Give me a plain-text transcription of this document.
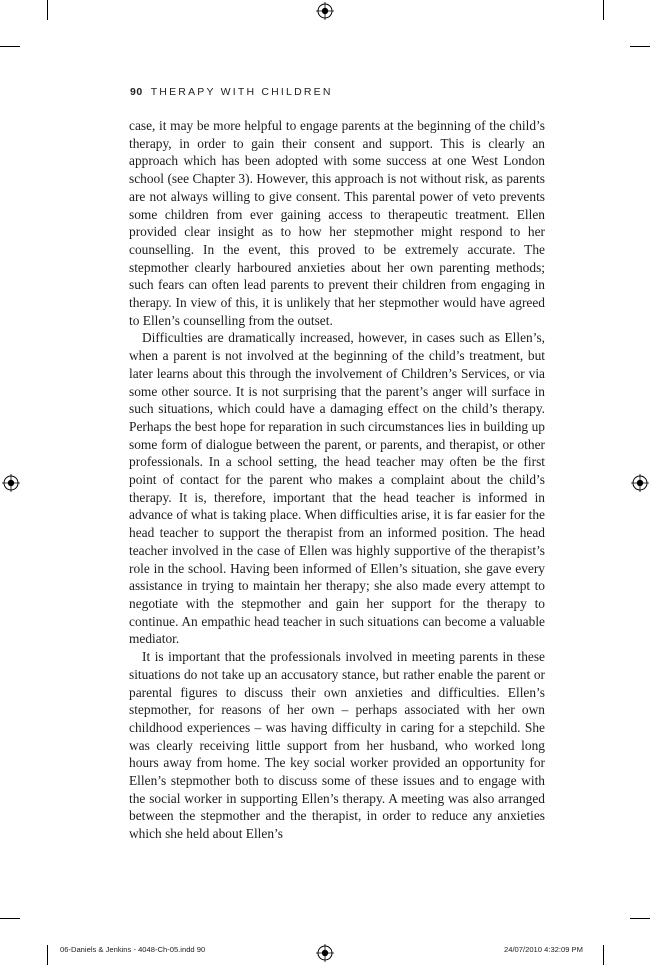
90 THERAPY WITH CHILDREN

case, it may be more helpful to engage parents at the beginning of the child’s therapy, in order to gain their consent and support. This is clearly an approach which has been adopted with some success at one West London school (see Chapter 3). However, this approach is not without risk, as parents are not always willing to give consent. This parental power of veto prevents some children from ever gaining access to therapeutic treatment. Ellen provided clear insight as to how her stepmother might respond to her counselling. In the event, this proved to be extremely accurate. The stepmother clearly harboured anxieties about her own parenting methods; such fears can often lead parents to prevent their children from engaging in therapy. In view of this, it is unlikely that her stepmother would have agreed to Ellen’s counselling from the outset.

Difficulties are dramatically increased, however, in cases such as Ellen’s, when a parent is not involved at the beginning of the child’s treatment, but later learns about this through the involvement of Children’s Services, or via some other source. It is not surprising that the parent’s anger will surface in such situations, which could have a damaging effect on the child’s therapy. Perhaps the best hope for reparation in such circumstances lies in building up some form of dialogue between the parent, or parents, and therapist, or other professionals. In a school setting, the head teacher may often be the first point of contact for the parent who makes a complaint about the child’s therapy. It is, therefore, important that the head teacher is informed in advance of what is taking place. When difficulties arise, it is far easier for the head teacher to support the therapist from an informed position. The head teacher involved in the case of Ellen was highly supportive of the therapist’s role in the school. Having been informed of Ellen’s situation, she gave every assistance in trying to maintain her therapy; she also made every attempt to negotiate with the stepmother and gain her support for the therapy to continue. An empathic head teacher in such situations can become a valuable mediator.

It is important that the professionals involved in meeting parents in these situations do not take up an accusatory stance, but rather enable the parent or parental figures to discuss their own anxieties and difficulties. Ellen’s stepmother, for reasons of her own – perhaps associated with her own childhood experiences – was having difficulty in caring for a stepchild. She was clearly receiving little support from her husband, who worked long hours away from home. The key social worker provided an opportunity for Ellen’s stepmother both to discuss some of these issues and to engage with the social worker in supporting Ellen’s therapy. A meeting was also arranged between the stepmother and the therapist, in order to reduce any anxieties which she held about Ellen’s

06-Daniels & Jenkins - 4048-Ch-05.indd 90	24/07/2010 4:32:09 PM
